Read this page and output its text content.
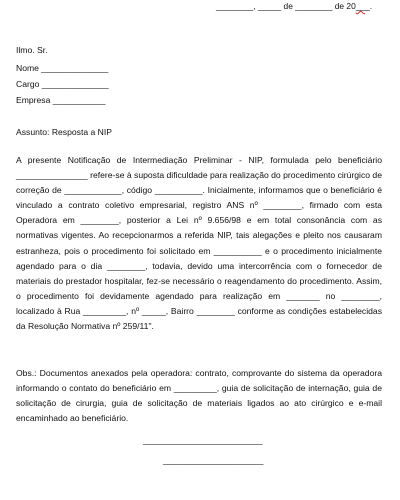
________, _____ de ________ de 20___.
Ilmo. Sr.
Nome ______________
Cargo ______________
Empresa ___________
Assunto: Resposta a NIP
A presente Notificação de Intermediação Preliminar - NIP, formulada pelo beneficiário _______________ refere-se à suposta dificuldade para realização do procedimento cirúrgico de correção de ____________, código __________. Inicialmente, informamos que o beneficiário é vinculado a contrato coletivo empresarial, registro ANS nº ________, firmado com esta Operadora em ________, posterior a Lei nº 9.656/98 e em total consonância com as normativas vigentes. Ao recepcionarmos a referida NIP, tais alegações e pleito nos causaram estranheza, pois o procedimento foi solicitado em __________ e o procedimento inicialmente agendado para o dia ________, todavia, devido uma intercorrência com o fornecedor de materiais do prestador hospitalar, fez-se necessário o reagendamento do procedimento. Assim, o procedimento foi devidamente agendado para realização em _______ no ________, localizado à Rua _________, nº _____, Bairro ________ conforme as condições estabelecidas da Resolução Normativa nº 259/11".
Obs.: Documentos anexados pela operadora: contrato, comprovante do sistema da operadora informando o contato do beneficiário em _________, guia de solicitação de internação, guia de solicitação de cirurgia, guia de solicitação de materiais ligados ao ato cirúrgico e e-mail encaminhado ao beneficiário.
_________________________
_____________________
